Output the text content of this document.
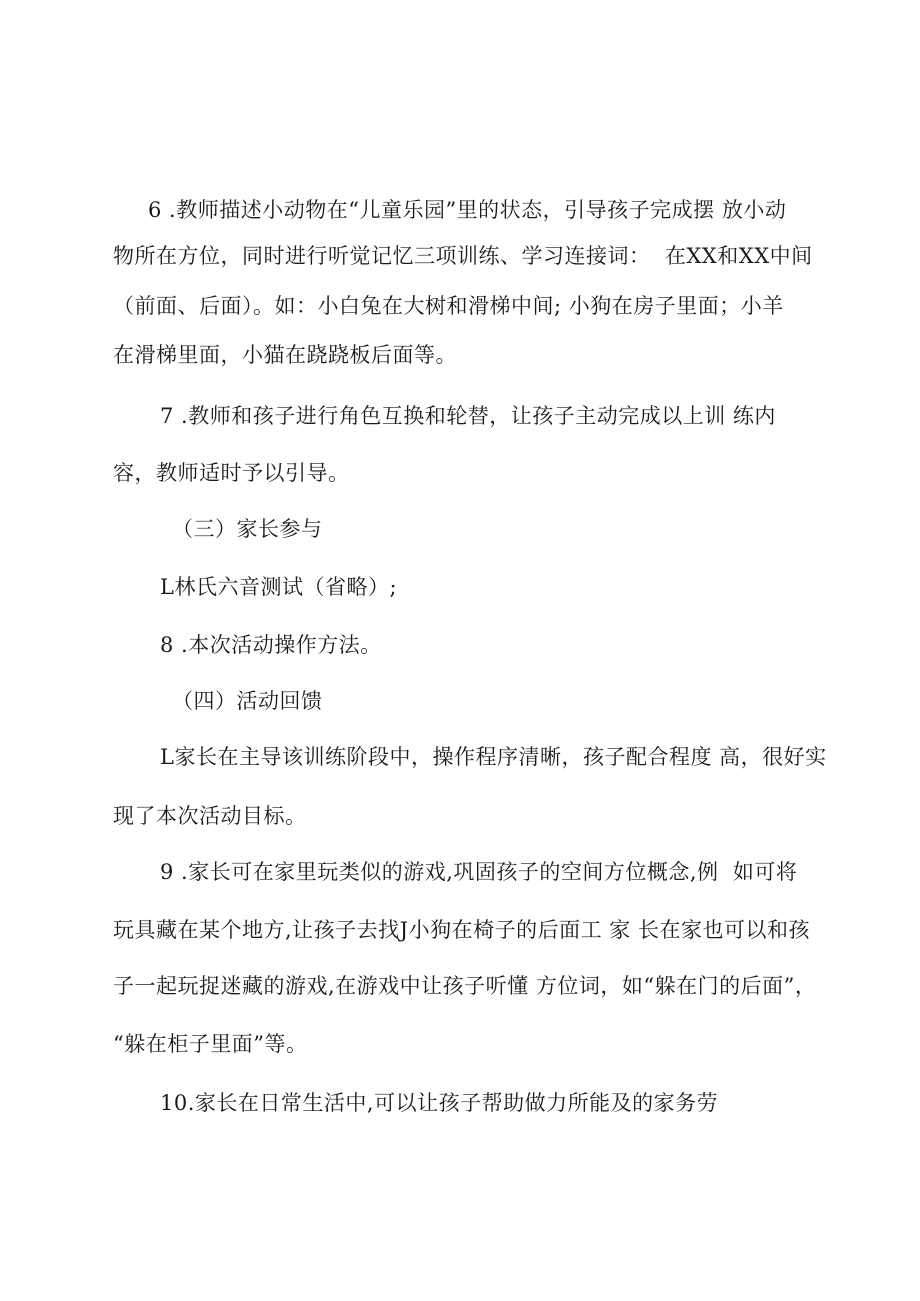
6 .教师描述小动物在“儿童乐园”里的状态，引导孩子完成摆 放小动
物所在方位，同时进行听觉记忆三项训练、学习连接词：  在XX和XX中间
（前面、后面）。如：小白兔在大树和滑梯中间; 小狗在房子里面；小羊
在滑梯里面，小猫在跷跷板后面等。
7 .教师和孩子进行角色互换和轮替，让孩子主动完成以上训 练内
容，教师适时予以引导。
（三）家长参与
L林氏六音测试（省略）;
8 .本次活动操作方法。
（四）活动回馈
L家长在主导该训练阶段中，操作程序清晰，孩子配合程度 高，很好实
现了本次活动目标。
9 .家长可在家里玩类似的游戏,巩固孩子的空间方位概念,例  如可将
玩具藏在某个地方,让孩子去找J小狗在椅子的后面工 家 长在家也可以和孩
子一起玩捉迷藏的游戏,在游戏中让孩子听懂 方位词，如“躲在门的后面”，
“躲在柜子里面”等。
10.家长在日常生活中,可以让孩子帮助做力所能及的家务劳
